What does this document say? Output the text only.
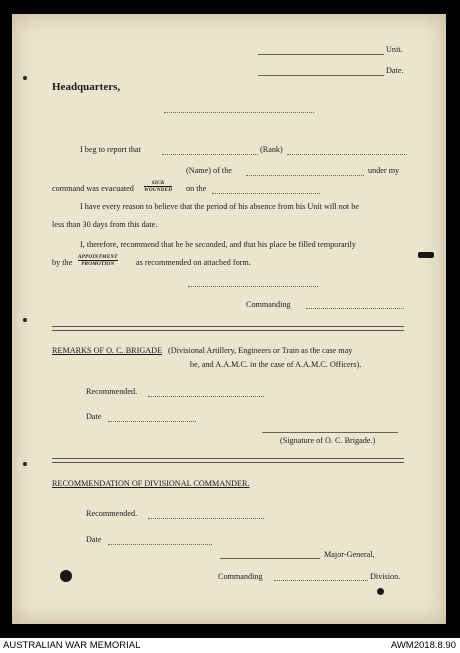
Unit.
Date.
Headquarters,
I beg to report that	(Rank)
(Name) of the	under my
command was evacuated
SICK
WOUNDED on the
I have every reason to believe that the period of his absence from his Unit will not be
less than 30 days from this date.
I, therefore, recommend that he be seconded, and that his place be filled temporarily
by the
APPOINTMENT
PROMOTION	as recommended on attached form.
Commanding
REMARKS OF O. C. BRIGADE (Divisional Artillery, Engineers or Train as the case may
be, and A.A.M.C. in the case of A.A.M.C. Officers).
Recommended.
Date
(Signature of O. C. Brigade.)
RECOMMENDATION OF DIVISIONAL COMMANDER.
Recommended.
Date
Major-General,
Commanding	Division.
AUSTRALIAN WAR MEMORIAL	AWM2018.8.90
